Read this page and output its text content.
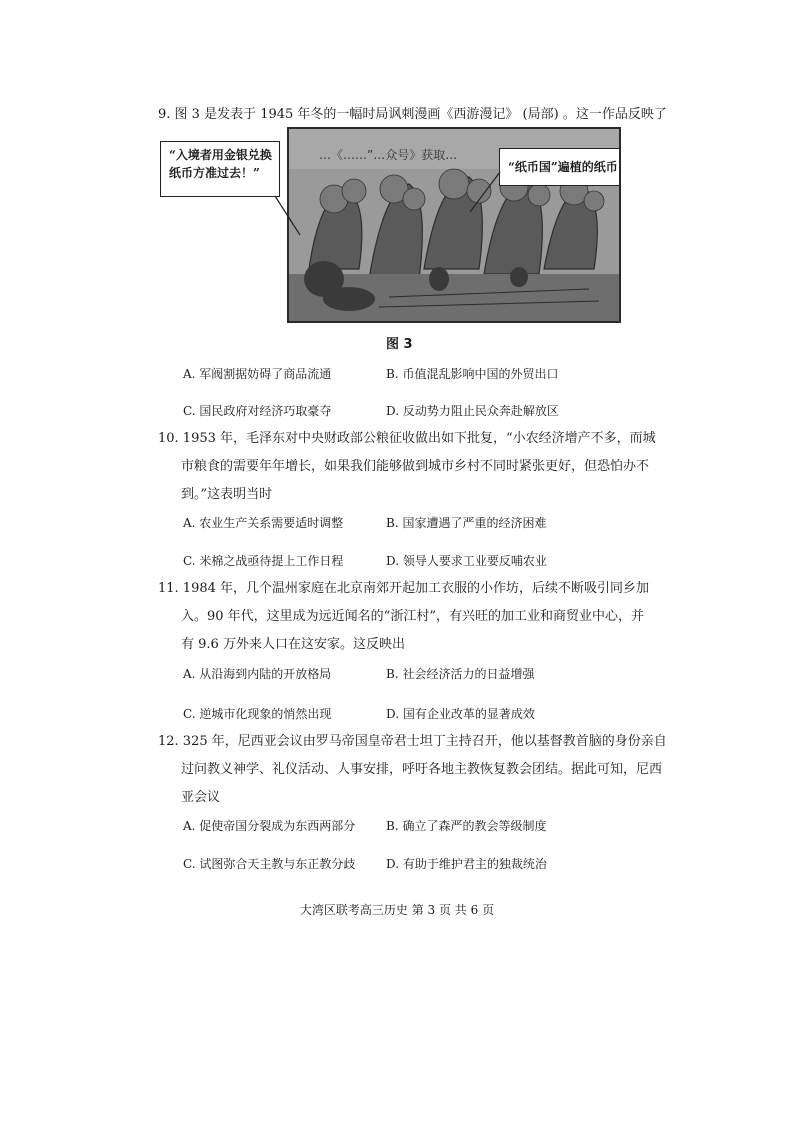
9. 图 3 是发表于 1945 年冬的一幅时局讽刺漫画《西游漫记》 (局部) 。这一作品反映了
…《……”…众号》获取…
“入境者用金银兑换
纸币方准过去！”	“纸币国”遍植的纸币
图 3
A. 军阀割据妨碍了商品流通	B. 币值混乱影响中国的外贸出口
C. 国民政府对经济巧取豪夺	D. 反动势力阻止民众奔赴解放区
10. 1953 年，毛泽东对中央财政部公粮征收做出如下批复，“小农经济增产不多，而城
市粮食的需要年年增长，如果我们能够做到城市乡村不同时紧张更好，但恐怕办不
到。”这表明当时
A. 农业生产关系需要适时调整	B. 国家遭遇了严重的经济困难
C. 米棉之战亟待提上工作日程	D. 领导人要求工业要反哺农业
11. 1984 年，几个温州家庭在北京南郊开起加工衣服的小作坊，后续不断吸引同乡加
入。90 年代，这里成为远近闻名的“浙江村”，有兴旺的加工业和商贸业中心，并
有 9.6 万外来人口在这安家。这反映出
A. 从沿海到内陆的开放格局	B. 社会经济活力的日益增强
C. 逆城市化现象的悄然出现	D. 国有企业改革的显著成效
12. 325 年，尼西亚会议由罗马帝国皇帝君士坦丁主持召开，他以基督教首脑的身份亲自
过问教义神学、礼仪活动、人事安排，呼吁各地主教恢复教会团结。据此可知，尼西
亚会议
A. 促使帝国分裂成为东西两部分	B. 确立了森严的教会等级制度
C. 试图弥合天主教与东正教分歧	D. 有助于维护君主的独裁统治
大湾区联考高三历史 第 3 页 共 6 页
